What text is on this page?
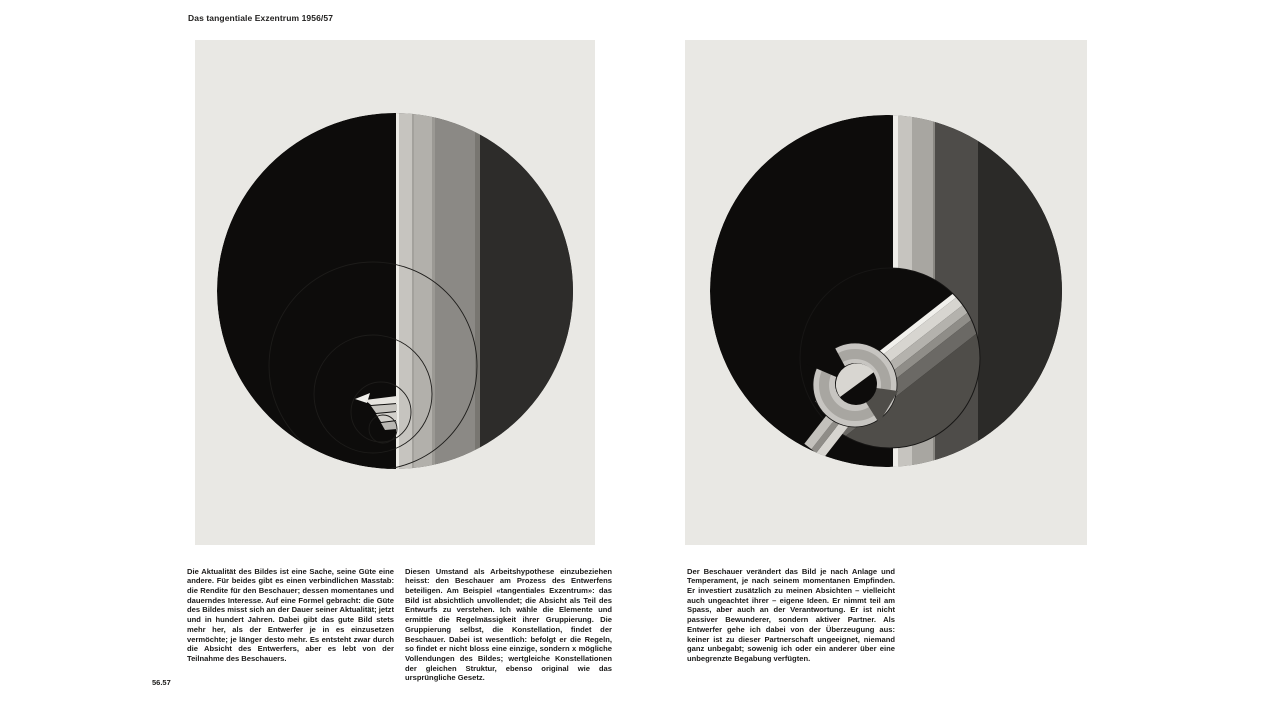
Das tangentiale Exzentrum 1956/57

Die Aktualität des Bildes ist eine Sache, seine Güte eine andere. Für beides gibt es einen verbindlichen Masstab: die Rendite für den Beschauer; dessen momentanes und dauerndes Interesse. Auf eine Formel gebracht: die Güte des Bildes misst sich an der Dauer seiner Aktualität; jetzt und in hundert Jahren. Dabei gibt das gute Bild stets mehr her, als der Entwerfer je in es einzusetzen vermöchte; je länger desto mehr. Es entsteht zwar durch die Absicht des Entwerfers, aber es lebt von der Teilnahme des Beschauers.

Diesen Umstand als Arbeitshypothese einzubeziehen heisst: den Beschauer am Prozess des Entwerfens beteiligen. Am Beispiel «tangentiales Exzentrum»: das Bild ist absichtlich unvollendet; die Absicht als Teil des Entwurfs zu verstehen. Ich wähle die Elemente und ermittle die Regelmässigkeit ihrer Gruppierung. Die Gruppierung selbst, die Konstellation, findet der Beschauer. Dabei ist wesentlich: befolgt er die Regeln, so findet er nicht bloss eine einzige, sondern x mögliche Vollendungen des Bildes; wertgleiche Konstellationen der gleichen Struktur, ebenso original wie das ursprüngliche Gesetz.

Der Beschauer verändert das Bild je nach Anlage und Temperament, je nach seinem momentanen Empfinden. Er investiert zusätzlich zu meinen Absichten – vielleicht auch ungeachtet ihrer – eigene Ideen. Er nimmt teil am Spass, aber auch an der Verantwortung. Er ist nicht passiver Bewunderer, sondern aktiver Partner. Als Entwerfer gehe ich dabei von der Überzeugung aus: keiner ist zu dieser Partnerschaft ungeeignet, niemand ganz unbegabt; sowenig ich oder ein anderer über eine unbegrenzte Begabung verfügten.

56.57
